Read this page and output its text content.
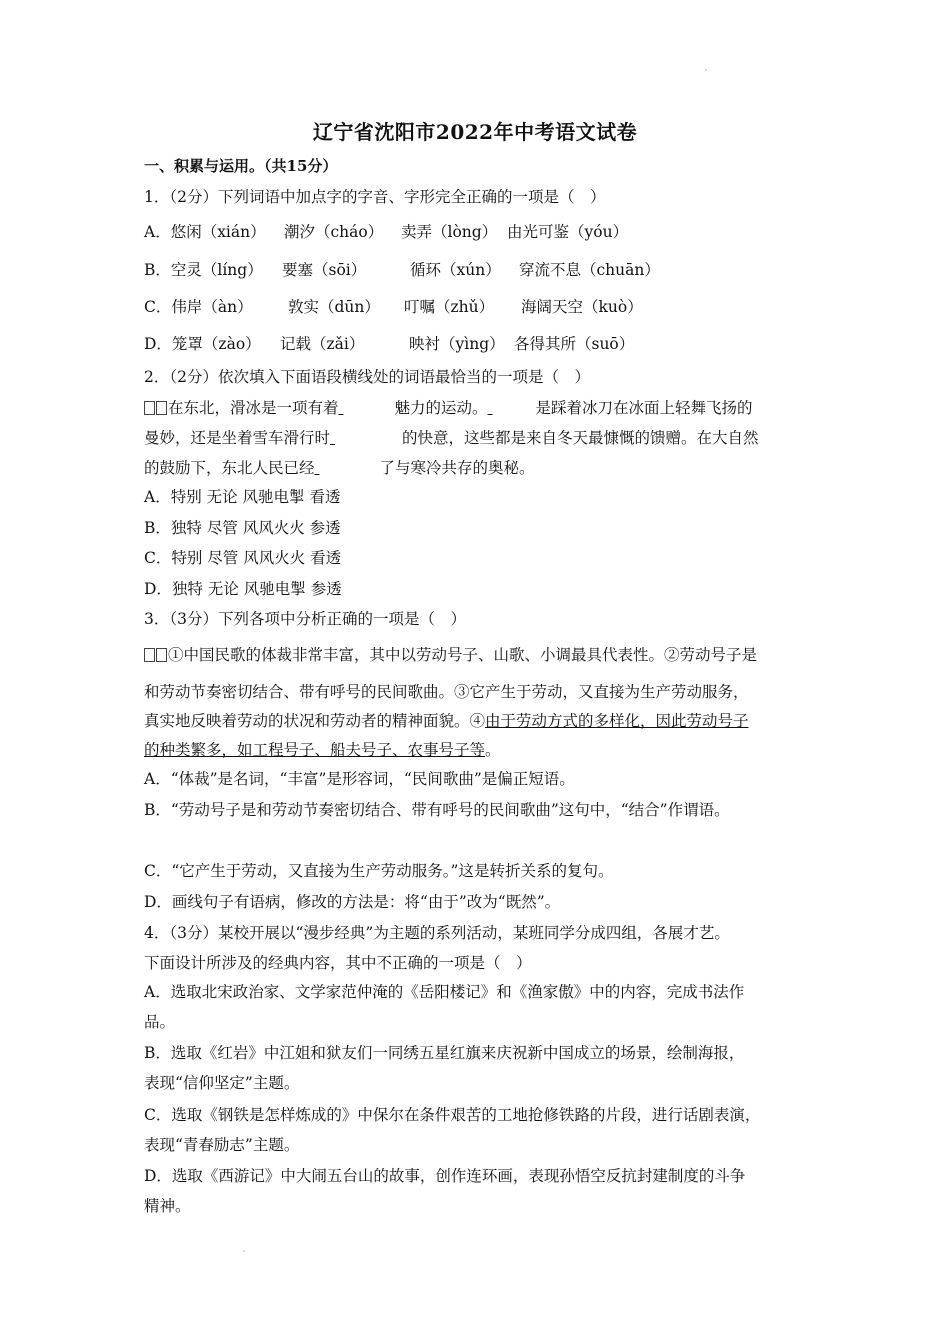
辽宁省沈阳市2022年中考语文试卷
一、积累与运用。（共15分）
1．（2分）下列词语中加点字的字音、字形完全正确的一项是（　）
A．悠闲（xián） 潮汐（cháo） 卖弄（lòng） 由光可鉴（yóu）
B．空灵（líng） 要塞（sōi）	循环（xún） 穿流不息（chuān）
C．伟岸（àn） 敦实（dūn） 叮嘱（zhǔ） 海阔天空（kuò）
D．笼罩（zào） 记载（zǎi）	映衬（yìng） 各得其所（suō）
2．（2分）依次填入下面语段横线处的词语最恰当的一项是（　）
在东北，滑冰是一项有着	魅力的运动。	是踩着冰刀在冰面上轻舞飞扬的
曼妙，还是坐着雪车滑行时	的快意，这些都是来自冬天最慷慨的馈赠。在大自然
的鼓励下，东北人民已经	了与寒冷共存的奥秘。
A．特别 无论 风驰电掣 看透
B．独特 尽管 风风火火 参透
C．特别 尽管 风风火火 看透
D．独特 无论 风驰电掣 参透
3．（3分）下列各项中分析正确的一项是（　）
①中国民歌的体裁非常丰富，其中以劳动号子、山歌、小调最具代表性。②劳动号子是
和劳动节奏密切结合、带有呼号的民间歌曲。③它产生于劳动，又直接为生产劳动服务，
真实地反映着劳动的状况和劳动者的精神面貌。④由于劳动方式的多样化，因此劳动号子
的种类繁多，如工程号子、船夫号子、农事号子等。
A．“体裁”是名词，“丰富”是形容词，“民间歌曲”是偏正短语。
B．“劳动号子是和劳动节奏密切结合、带有呼号的民间歌曲”这句中，“结合”作谓语。
C．“它产生于劳动，又直接为生产劳动服务。”这是转折关系的复句。
D．画线句子有语病，修改的方法是：将“由于”改为“既然”。
4．（3分）某校开展以“漫步经典”为主题的系列活动，某班同学分成四组，各展才艺。
下面设计所涉及的经典内容，其中不正确的一项是（　）
A．选取北宋政治家、文学家范仲淹的《岳阳楼记》和《渔家傲》中的内容，完成书法作
品。
B．选取《红岩》中江姐和狱友们一同绣五星红旗来庆祝新中国成立的场景，绘制海报，
表现“信仰坚定”主题。
C．选取《钢铁是怎样炼成的》中保尔在条件艰苦的工地抢修铁路的片段，进行话剧表演，
表现“青春励志”主题。
D．选取《西游记》中大闹五台山的故事，创作连环画，表现孙悟空反抗封建制度的斗争
精神。
